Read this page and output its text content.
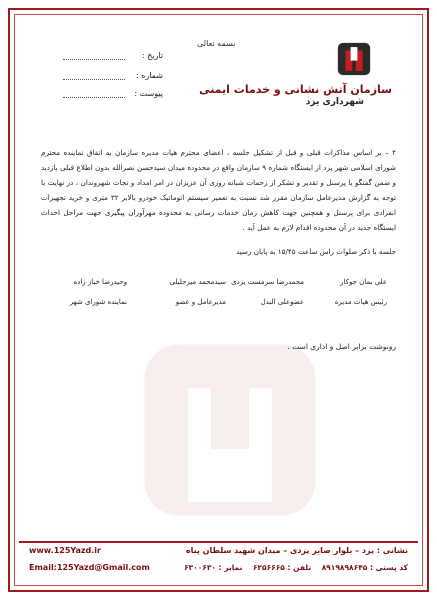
بسمه تعالی
سازمان آتش نشانی و خدمات ایمنی
شهرداری یزد
تاریخ :
شماره :
پیوست :
۴ – بر اساس مذاکرات قبلی و قبل از تشکیل جلسه ، اعضای محترم هیات مدیره سازمان به اتفاق نماینده محترم شورای اسلامی شهر یزد از ایستگاه شماره ۹ سازمان واقع در محدوده میدان سیدحسن نصرالله بدون اطلاع قبلی بازدید و ضمن گفتگو با پرسنل و تقدیر و تشکر از زحمات شبانه روزی آن عزیزان در امر امداد و نجات شهروندان ، در نهایت با توجه به گزارش مدیرعامل سازمان مقرر شد نسبت به تعمیر سیستم اتوماتیک خودرو بالابر ۳۲ متری و خرید تجهیزات انفرادی برای پرسنل و همچنین جهت کاهش زمان خدمات رسانی به محدوده مهرآوران پیگیری جهت مراحل احداث ایستگاه جدید در آن محدوده اقدام لازم به عمل آید .
جلسه با ذکر صلوات راس ساعت ۱۵/۴۵ به پایان رسید
علی بمان جوکار
محمدرضا سرمست یزدی
سیدمحمد میرجلیلی
وحیدرضا خباز زاده
رئیس هیات مدیره
عضوعلی البدل
مدیرعامل و عضو
نماینده شورای شهر
رونوشت برابر اصل و اداری است .
نشانی : یزد – بلوار صابر یزدی – میدان شهید سلطان پناه
کد پستی : ۸۹۱۹۸۹۸۶۴۵    تلفن : ۶۲۵۶۶۶۵    نمابر : ۶۳۰۰۶۳۰
www.125Yazd.ir
Email:125Yazd@Gmail.com
